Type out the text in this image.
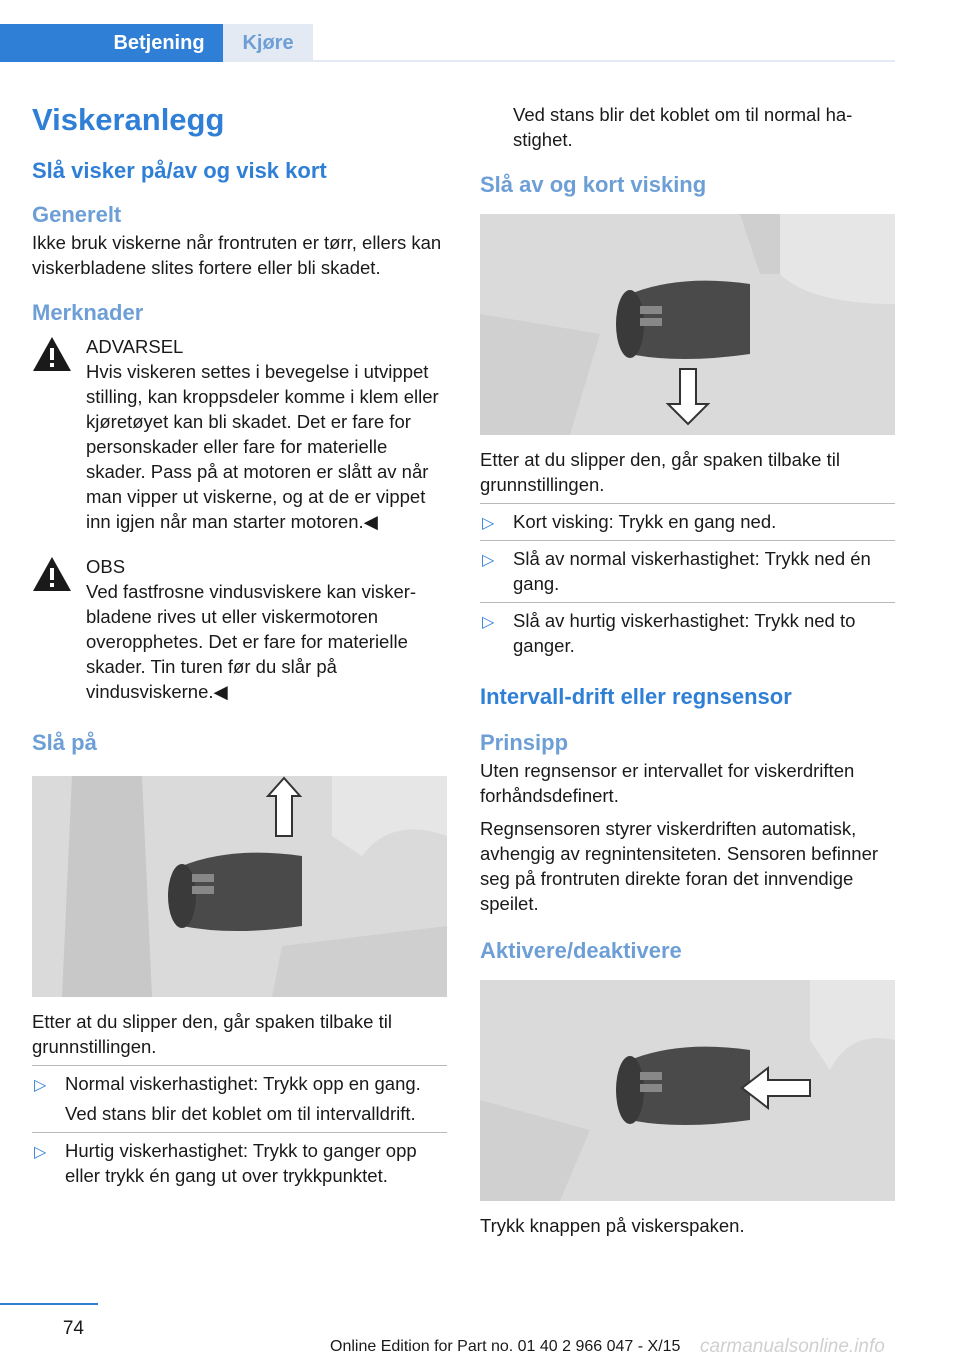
Betjening	Kjøre
Viskeranlegg
Slå visker på/av og visk kort
Generelt

Ikke bruk viskerne når frontruten er tørr, ellers kan viskerbladene slites fortere eller bli skadet.

Merknader

ADVARSEL

Hvis viskeren settes i bevegelse i utvippet stilling, kan kroppsdeler komme i klem eller kjøretøyet kan bli skadet. Det er fare for personskader eller fare for materielle skader. Pass på at motoren er slått av når man vipper ut viskerne, og at de er vippet inn igjen når man starter motoren.◀

OBS

Ved fastfrosne vindusviskere kan viskerbladene rives ut eller viskermotoren overopphetes. Det er fare for materielle skader. Tin turen før du slår på vindusviskerne.◀

Slå på

Etter at du slipper den, går spaken tilbake til grunnstillingen.

▷ Normal viskerhastighet: Trykk opp en gang.
Ved stans blir det koblet om til intervalldrift.
▷ Hurtig viskerhastighet: Trykk to ganger opp eller trykk én gang ut over trykkpunktet.

Ved stans blir det koblet om til normal hastighet.

Slå av og kort visking

Etter at du slipper den, går spaken tilbake til grunnstillingen.

▷ Kort visking: Trykk en gang ned.
▷ Slå av normal viskerhastighet: Trykk ned én gang.
▷ Slå av hurtig viskerhastighet: Trykk ned to ganger.
Intervall-drift eller regnsensor
Prinsipp

Uten regnsensor er intervallet for viskerdriften forhåndsdefinert.

Regnsensoren styrer viskerdriften automatisk, avhengig av regnintensiteten. Sensoren befinner seg på frontruten direkte foran det innvendige speilet.

Aktivere/deaktivere

Trykk knappen på viskerspaken.

74
Online Edition for Part no. 01 40 2 966 047 - X/15 carmanualsonline.info
